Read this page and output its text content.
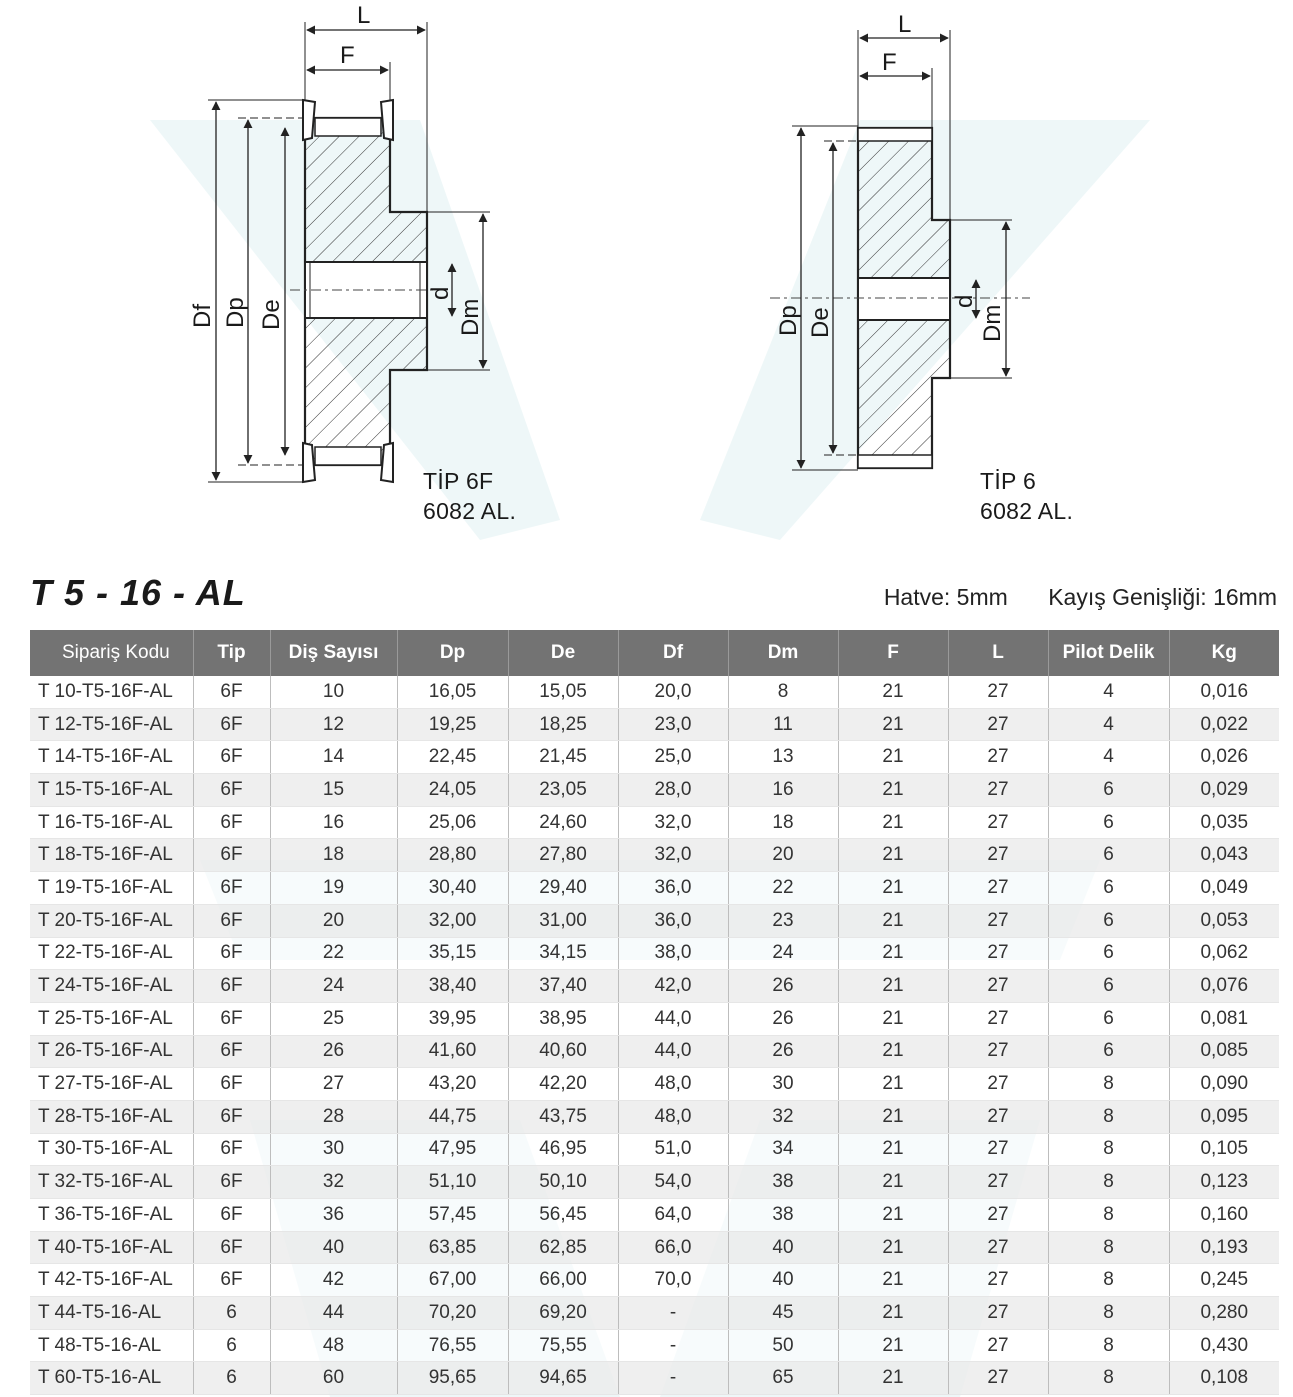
L
F
Df Dp De
d
Dm
L
F
Dp De
d
Dm
TİP 6F
6082 AL.
TİP 6
6082 AL.
T 5 - 16 - AL	Hatve: 5mm Kayış Genişliği: 16mm
Sipariş Kodu	Tip	Diş Sayısı	Dp	De	Df	Dm	F	L	Pilot Delik	Kg
T 10-T5-16F-AL	6F	10	16,05	15,05	20,0	8	21	27	4	0,016
T 12-T5-16F-AL	6F	12	19,25	18,25	23,0	11	21	27	4	0,022
T 14-T5-16F-AL	6F	14	22,45	21,45	25,0	13	21	27	4	0,026
T 15-T5-16F-AL	6F	15	24,05	23,05	28,0	16	21	27	6	0,029
T 16-T5-16F-AL	6F	16	25,06	24,60	32,0	18	21	27	6	0,035
T 18-T5-16F-AL	6F	18	28,80	27,80	32,0	20	21	27	6	0,043
T 19-T5-16F-AL	6F	19	30,40	29,40	36,0	22	21	27	6	0,049
T 20-T5-16F-AL	6F	20	32,00	31,00	36,0	23	21	27	6	0,053
T 22-T5-16F-AL	6F	22	35,15	34,15	38,0	24	21	27	6	0,062
T 24-T5-16F-AL	6F	24	38,40	37,40	42,0	26	21	27	6	0,076
T 25-T5-16F-AL	6F	25	39,95	38,95	44,0	26	21	27	6	0,081
T 26-T5-16F-AL	6F	26	41,60	40,60	44,0	26	21	27	6	0,085
T 27-T5-16F-AL	6F	27	43,20	42,20	48,0	30	21	27	8	0,090
T 28-T5-16F-AL	6F	28	44,75	43,75	48,0	32	21	27	8	0,095
T 30-T5-16F-AL	6F	30	47,95	46,95	51,0	34	21	27	8	0,105
T 32-T5-16F-AL	6F	32	51,10	50,10	54,0	38	21	27	8	0,123
T 36-T5-16F-AL	6F	36	57,45	56,45	64,0	38	21	27	8	0,160
T 40-T5-16F-AL	6F	40	63,85	62,85	66,0	40	21	27	8	0,193
T 42-T5-16F-AL	6F	42	67,00	66,00	70,0	40	21	27	8	0,245
T 44-T5-16-AL	6	44	70,20	69,20	-	45	21	27	8	0,280
T 48-T5-16-AL	6	48	76,55	75,55	-	50	21	27	8	0,430
T 60-T5-16-AL	6	60	95,65	94,65	-	65	21	27	8	0,108
